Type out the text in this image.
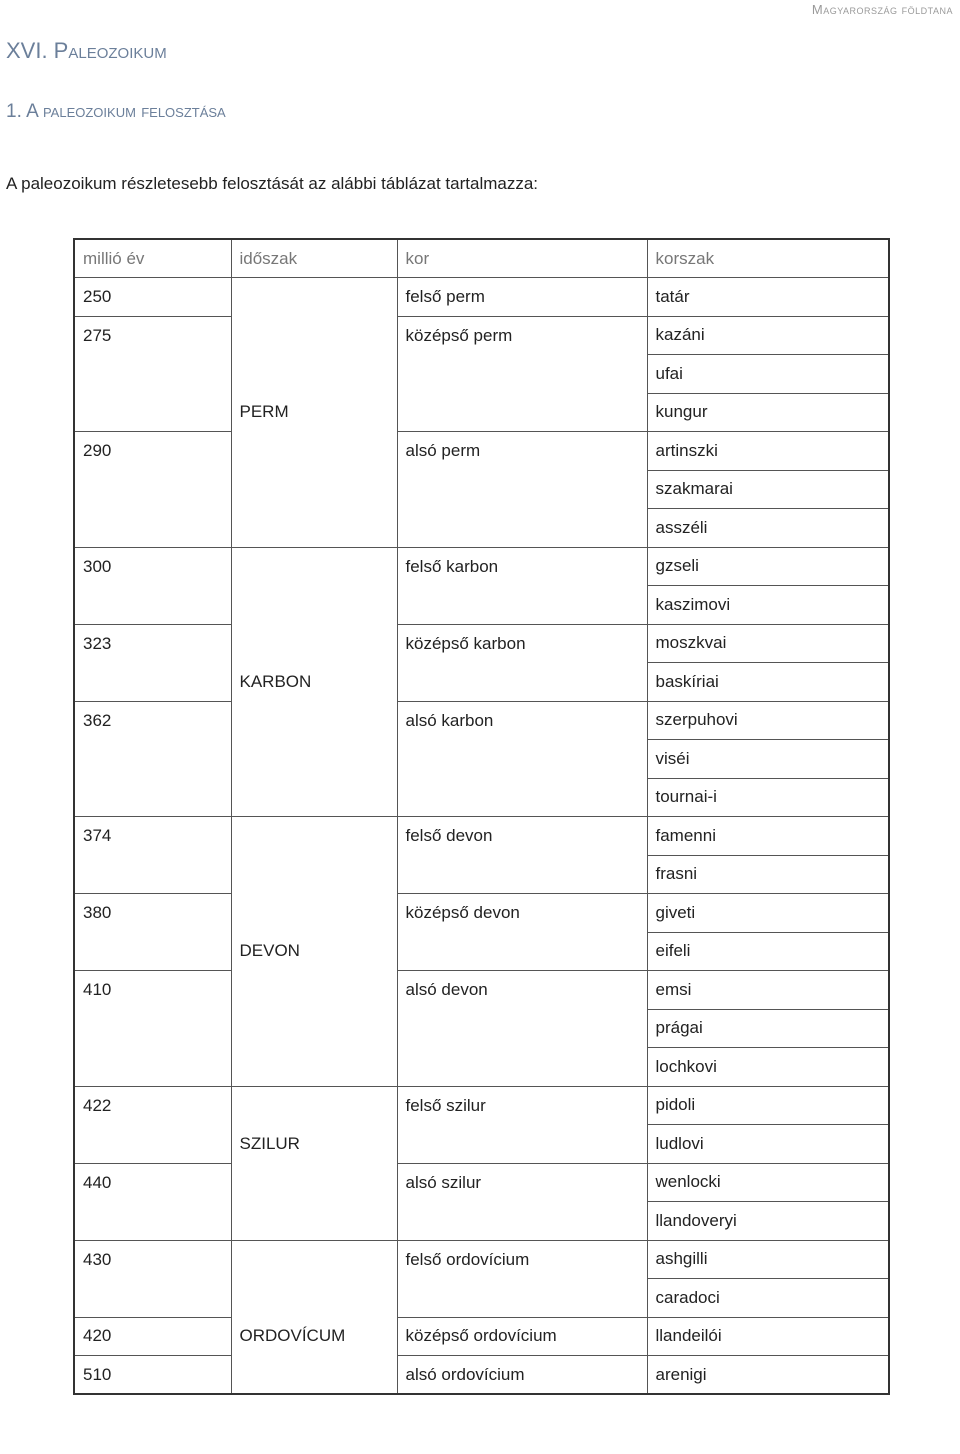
Magyarország földtana
XVI. Paleozoikum
1. A paleozoikum felosztása
A paleozoikum részletesebb felosztását az alábbi táblázat tartalmazza:
millió év	időszak	kor	korszak
250		felső perm	tatár
275		középső perm	kazáni
			ufai
	PERM		kungur
290		alsó perm	artinszki
			szakmarai
			asszéli
300		felső karbon	gzseli
			kaszimovi
323		középső karbon	moszkvai
	KARBON		baskíriai
362		alsó karbon	szerpuhovi
			viséi
			tournai-i
374		felső devon	famenni
			frasni
380		középső devon	giveti
	DEVON		eifeli
410		alsó devon	emsi
			prágai
			lochkovi
422		felső szilur	pidoli
	SZILUR		ludlovi
440		alsó szilur	wenlocki
			llandoveryi
430		felső ordovícium	ashgilli
			caradoci
420	ORDOVÍCUM	középső ordovícium	llandeilói
510		alsó ordovícium	arenigi
